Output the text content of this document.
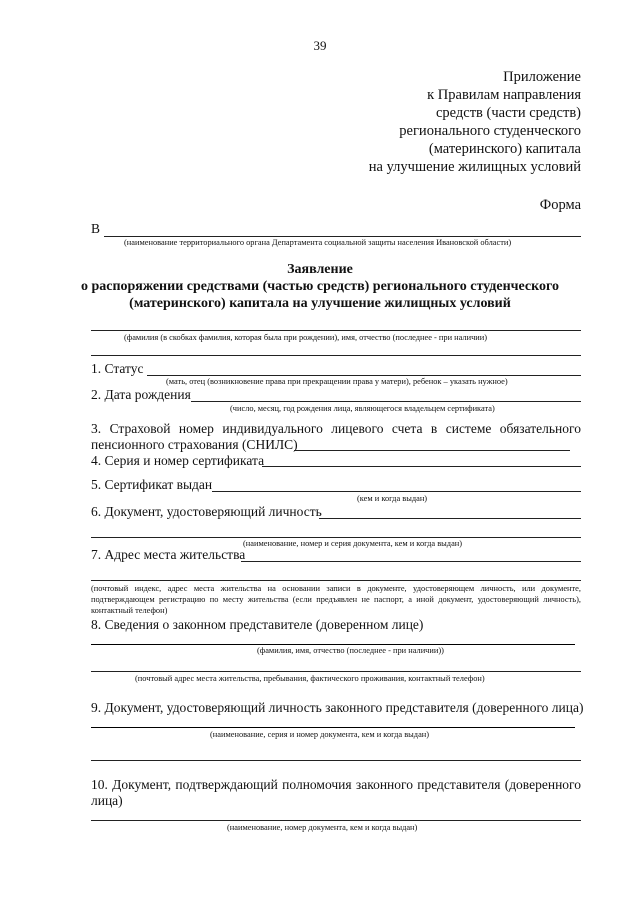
39
Приложение
к Правилам направления
средств (части средств)
регионального студенческого
(материнского) капитала
на улучшение жилищных условий
Форма
В
(наименование территориального органа Департамента социальной защиты населения Ивановской области)
Заявление
о распоряжении средствами (частью средств) регионального студенческого
(материнского) капитала на улучшение жилищных условий
(фамилия (в скобках фамилия, которая была при рождении), имя, отчество (последнее - при наличии)
1. Статус
(мать, отец (возникновение права при прекращении права у матери), ребенок – указать нужное)
2. Дата рождения
(число, месяц, год рождения лица, являющегося владельцем сертификата)
3. Страховой номер индивидуального лицевого счета в системе обязательного
пенсионного страхования (СНИЛС)
4. Серия и номер сертификата
5. Сертификат выдан
(кем и когда выдан)
6. Документ, удостоверяющий личность
(наименование, номер и серия документа, кем и когда выдан)
7. Адрес места жительства
(почтовый индекс, адрес места жительства на основании записи в документе, удостоверяющем личность, или документе, подтверждающем регистрацию по месту жительства (если предъявлен не паспорт, а иной документ, удостоверяющий личность), контактный телефон)
8. Сведения о законном представителе (доверенном лице)
(фамилия, имя, отчество (последнее - при наличии))
(почтовый адрес места жительства, пребывания, фактического проживания, контактный телефон)
9. Документ, удостоверяющий личность законного представителя (доверенного лица)
(наименование, серия и номер документа, кем и когда выдан)
10. Документ, подтверждающий полномочия законного представителя (доверенного
лица)
(наименование, номер документа, кем и когда выдан)
